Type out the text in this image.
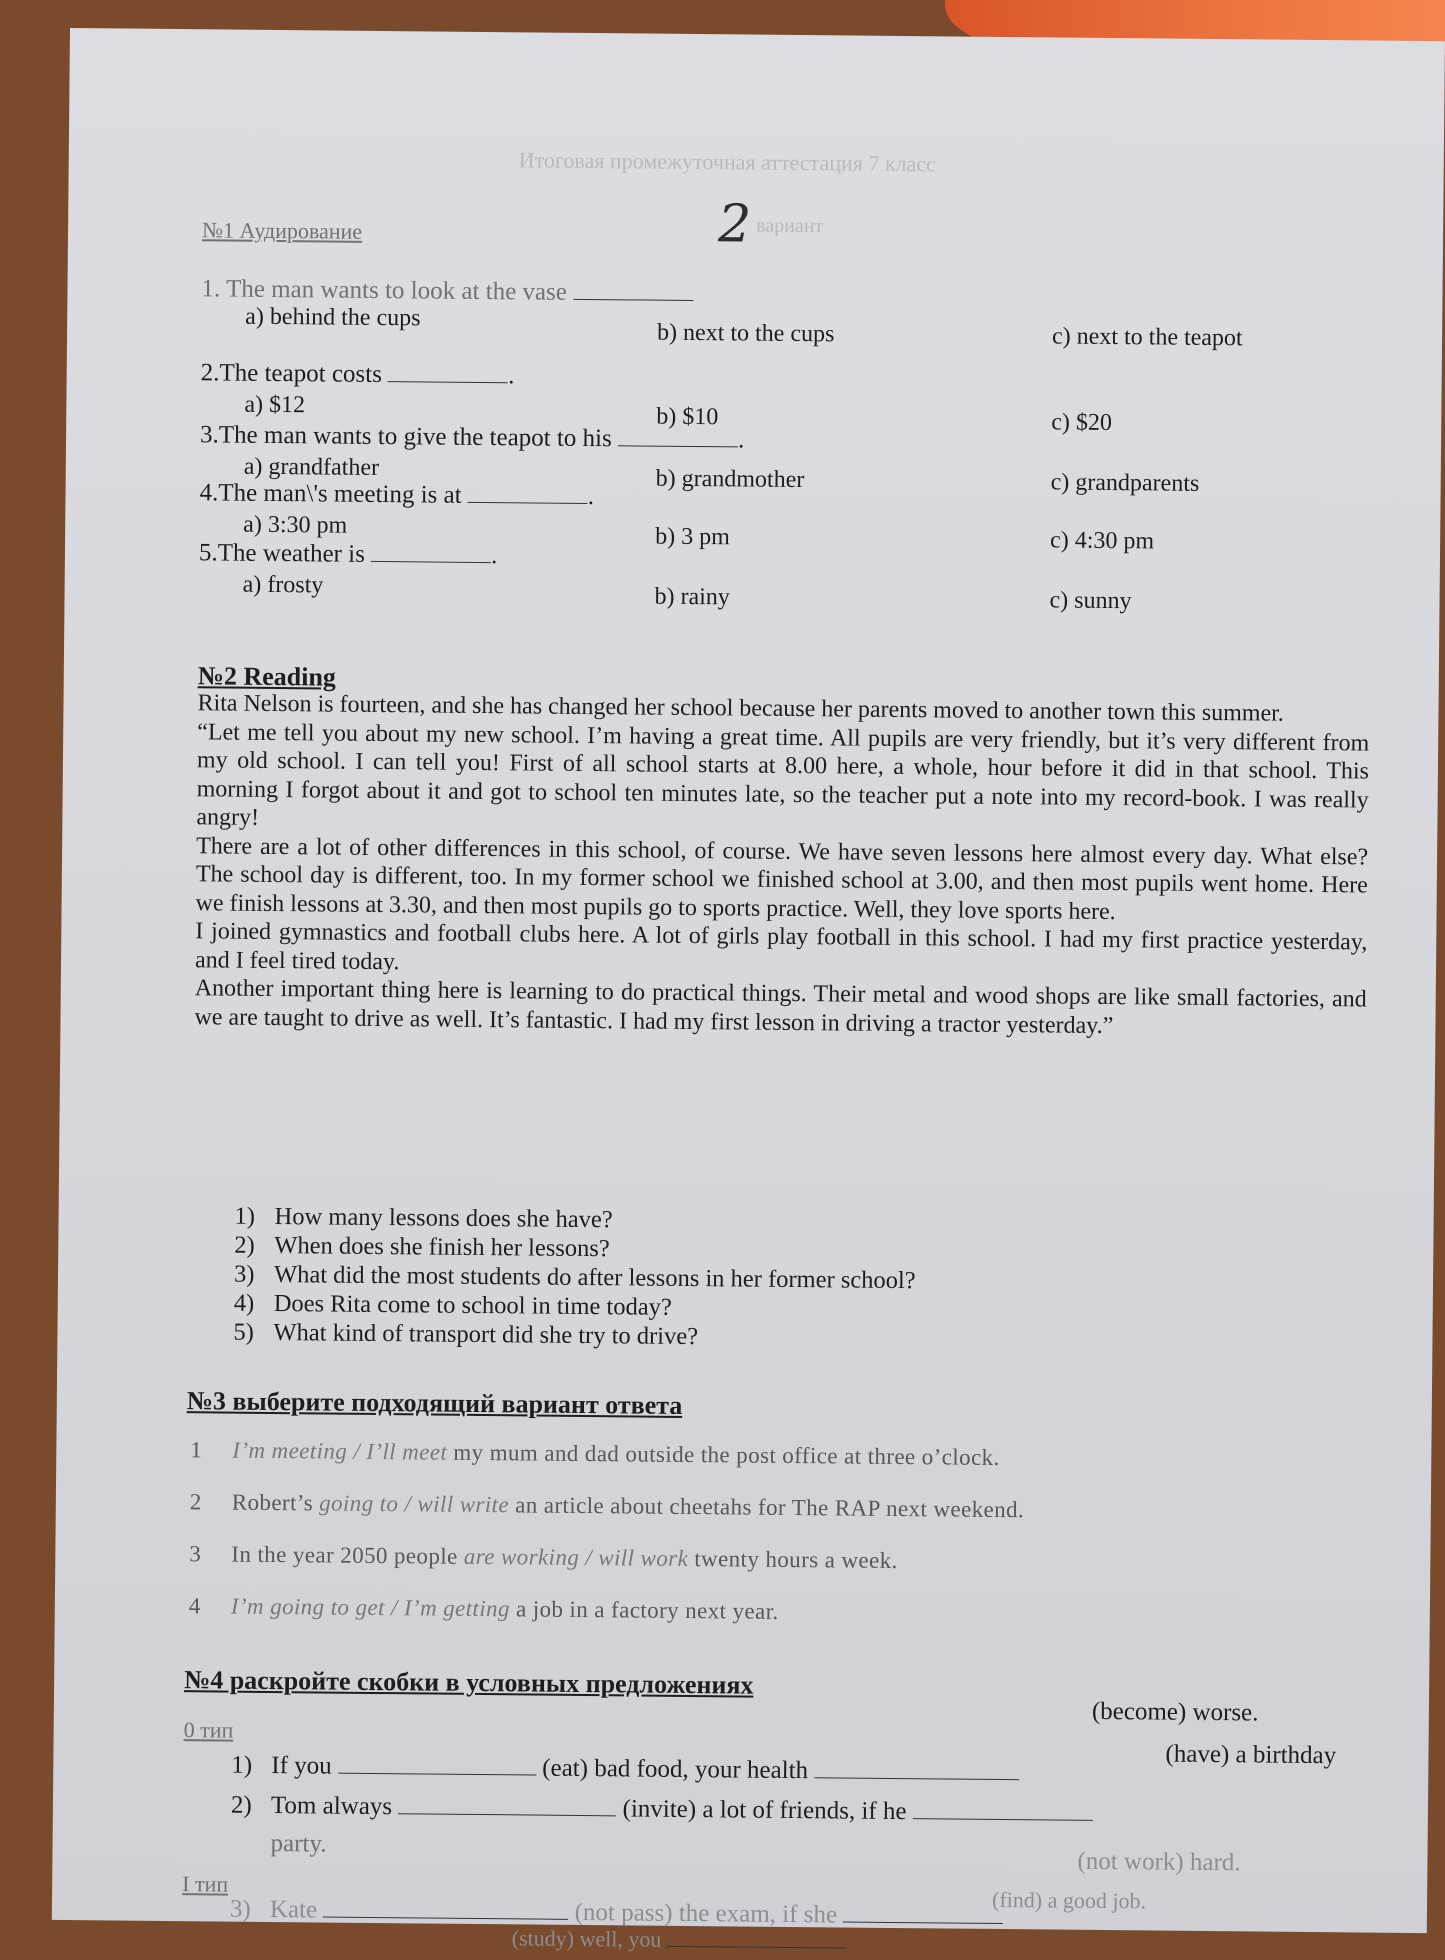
Итоговая промежуточная аттестация 7 класс
2 вариант
№1 Аудирование
1. The man wants to look at the vase
a) behind the cups
b) next to the cups	c) next to the teapot
2.The teapot costs	.
a) $12	b) $10	c) $20
3.The man wants to give the teapot to his	.
a) grandfather	b) grandmother	c) grandparents
4.The man\'s meeting is at	.
a) 3:30 pm	b) 3 pm	c) 4:30 pm
5.The weather is	.
a) frosty	b) rainy	c) sunny
№2 Reading

Rita Nelson is fourteen, and she has changed her school because her parents moved to another town this summer.

“Let me tell you about my new school. I’m having a great time. All pupils are very friendly, but it’s very different from my old school. I can tell you! First of all school starts at 8.00 here, a whole, hour before it did in that school. This morning I forgot about it and got to school ten minutes late, so the teacher put a note into my record-book. I was really angry!

There are a lot of other differences in this school, of course. We have seven lessons here almost every day. What else? The school day is different, too. In my former school we finished school at 3.00, and then most pupils went home. Here we finish lessons at 3.30, and then most pupils go to sports practice. Well, they love sports here.

I joined gymnastics and football clubs here. A lot of girls play football in this school. I had my first practice yesterday, and I feel tired today.

Another important thing here is learning to do practical things. Their metal and wood shops are like small factories, and we are taught to drive as well. It’s fantastic. I had my first lesson in driving a tractor yesterday.”

1) How many lessons does she have?
2) When does she finish her lessons?
3) What did the most students do after lessons in her former school?
4) Does Rita come to school in time today?
5) What kind of transport did she try to drive?
№3 выберите подходящий вариант ответа
1 I’m meeting / I’ll meet my mum and dad outside the post office at three o’clock.
2 Robert’s going to / will write an article about cheetahs for The RAP next weekend.
3 In the year 2050 people are working / will work twenty hours a week.
4 I’m going to get / I’m getting a job in a factory next year.
№4 раскройте скобки в условных предложениях
0 тип
(become) worse.
1) If you	(eat) bad food, your health	(have) a birthday
2) Tom always	(invite) a lot of friends, if he
party.
I тип
(not work) hard.
3) Kate	(not pass) the exam, if she
(study) well, you
(find) a good job.
